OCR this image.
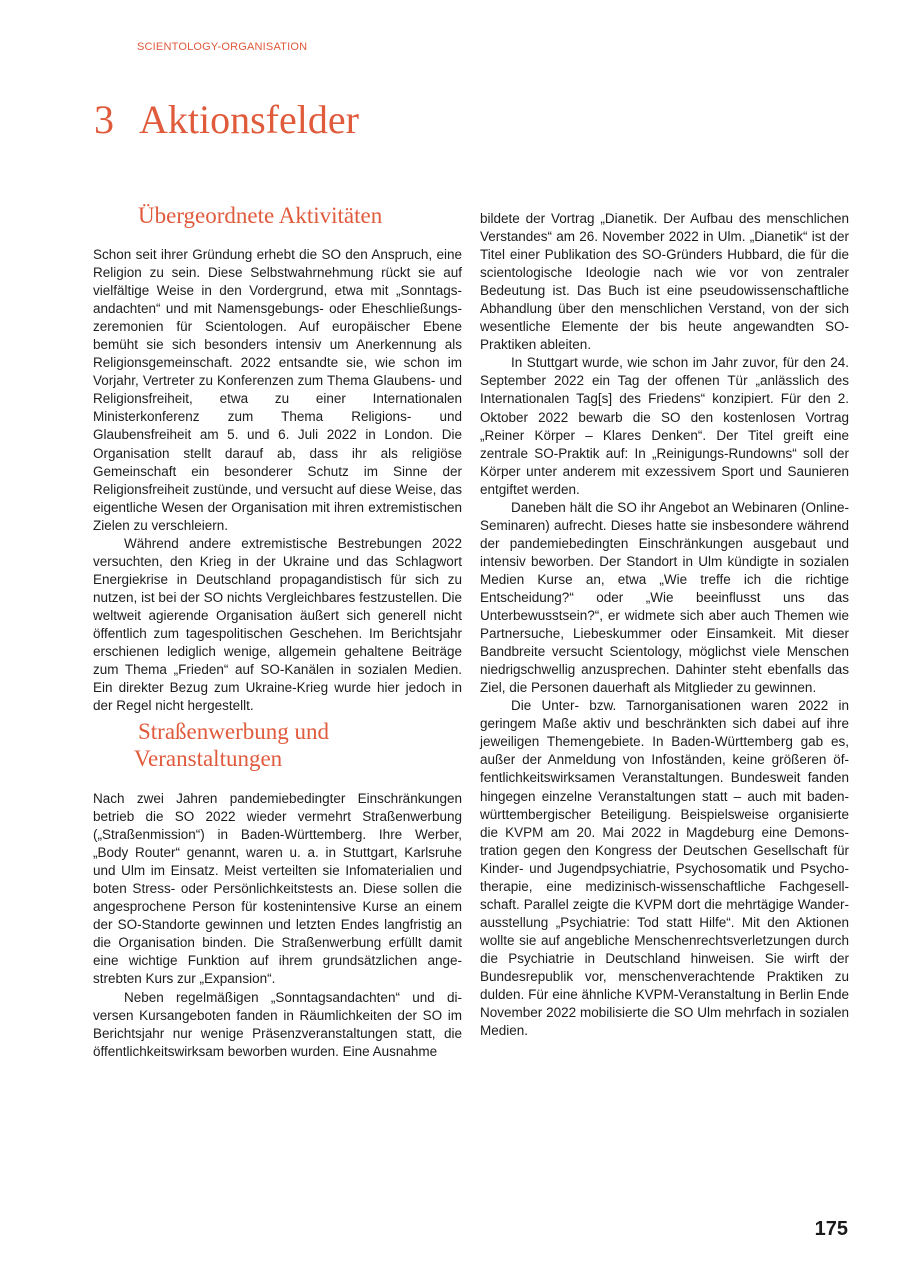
SCIENTOLOGY-ORGANISATION
3 Aktionsfelder
Übergeordnete Aktivitäten

Schon seit ihrer Gründung erhebt die SO den Anspruch, eine Religion zu sein. Diese Selbstwahrnehmung rückt sie auf vielfältige Weise in den Vordergrund, etwa mit „Sonntagsandachten“ und mit Namensgebungs- oder Eheschließungszeremonien für Scientologen. Auf europäischer Ebene bemüht sie sich besonders intensiv um Anerkennung als Religionsgemeinschaft. 2022 entsandte sie, wie schon im Vorjahr, Vertreter zu Konferenzen zum Thema Glaubens- und Religionsfreiheit, etwa zu einer Internationalen Ministerkonferenz zum Thema Religions- und Glaubensfreiheit am 5. und 6. Juli 2022 in London. Die Organisation stellt darauf ab, dass ihr als religiöse Gemeinschaft ein besonderer Schutz im Sinne der Religionsfreiheit zustünde, und versucht auf diese Weise, das eigentliche Wesen der Organisation mit ihren extremistischen Zielen zu verschleiern.

Während andere extremistische Bestrebungen 2022 versuchten, den Krieg in der Ukraine und das Schlagwort Energiekrise in Deutschland propagandistisch für sich zu nutzen, ist bei der SO nichts Vergleichbares festzustellen. Die weltweit agierende Organisation äußert sich generell nicht öffentlich zum tagespolitischen Geschehen. Im Berichtsjahr erschienen lediglich wenige, allgemein gehaltene Beiträge zum Thema „Frieden“ auf SO-Kanälen in sozialen Medien. Ein direkter Bezug zum Ukraine-Krieg wurde hier jedoch in der Regel nicht hergestellt.

Straßenwerbung und
Veranstaltungen

Nach zwei Jahren pandemiebedingter Einschränkungen betrieb die SO 2022 wieder vermehrt Straßenwerbung („Straßenmission“) in Baden-Württemberg. Ihre Werber, „Body Router“ genannt, waren u. a. in Stuttgart, Karlsruhe und Ulm im Einsatz. Meist verteilten sie Infomaterialien und boten Stress- oder Persönlichkeitstests an. Diese sollen die angesprochene Person für kostenintensive Kurse an einem der SO-Standorte gewinnen und letzten Endes langfristig an die Organisation binden. Die Straßenwerbung erfüllt damit eine wichtige Funktion auf ihrem grundsätzlichen angestrebten Kurs zur „Expansion“.

Neben regelmäßigen „Sonntagsandachten“ und diversen Kursangeboten fanden in Räumlichkeiten der SO im Berichtsjahr nur wenige Präsenzveranstaltungen statt, die öffentlichkeitswirksam beworben wurden. Eine Ausnahme

bildete der Vortrag „Dianetik. Der Aufbau des menschlichen Verstandes“ am 26. November 2022 in Ulm. „Dianetik“ ist der Titel einer Publikation des SO-Gründers Hubbard, die für die scientologische Ideologie nach wie vor von zentraler Bedeutung ist. Das Buch ist eine pseudowissenschaftliche Abhandlung über den menschlichen Verstand, von der sich wesentliche Elemente der bis heute angewandten SO-Praktiken ableiten.

In Stuttgart wurde, wie schon im Jahr zuvor, für den 24. September 2022 ein Tag der offenen Tür „anlässlich des Internationalen Tag[s] des Friedens“ konzipiert. Für den 2. Oktober 2022 bewarb die SO den kostenlosen Vortrag „Reiner Körper – Klares Denken“. Der Titel greift eine zentrale SO-Praktik auf: In „Reinigungs-Rundowns“ soll der Körper unter anderem mit exzessivem Sport und Saunieren entgiftet werden.

Daneben hält die SO ihr Angebot an Webinaren (Online-Seminaren) aufrecht. Dieses hatte sie insbesondere während der pandemiebedingten Einschränkungen ausgebaut und intensiv beworben. Der Standort in Ulm kündigte in sozialen Medien Kurse an, etwa „Wie treffe ich die richtige Entscheidung?“ oder „Wie beeinflusst uns das Unterbewusstsein?“, er widmete sich aber auch Themen wie Partnersuche, Liebeskummer oder Einsamkeit. Mit dieser Bandbreite versucht Scientology, möglichst viele Menschen niedrigschwellig anzusprechen. Dahinter steht ebenfalls das Ziel, die Personen dauerhaft als Mitglieder zu gewinnen.

Die Unter- bzw. Tarnorganisationen waren 2022 in geringem Maße aktiv und beschränkten sich dabei auf ihre jeweiligen Themengebiete. In Baden-Württemberg gab es, außer der Anmeldung von Infoständen, keine größeren öffentlichkeitswirksamen Veranstaltungen. Bundesweit fanden hingegen einzelne Veranstaltungen statt – auch mit baden-württembergischer Beteiligung. Beispielsweise organisierte die KVPM am 20. Mai 2022 in Magdeburg eine Demonstration gegen den Kongress der Deutschen Gesellschaft für Kinder- und Jugendpsychiatrie, Psychosomatik und Psychotherapie, eine medizinisch-wissenschaftliche Fachgesellschaft. Parallel zeigte die KVPM dort die mehrtägige Wanderausstellung „Psychiatrie: Tod statt Hilfe“. Mit den Aktionen wollte sie auf angebliche Menschenrechtsverletzungen durch die Psychiatrie in Deutschland hinweisen. Sie wirft der Bundesrepublik vor, menschenverachtende Praktiken zu dulden. Für eine ähnliche KVPM-Veranstaltung in Berlin Ende November 2022 mobilisierte die SO Ulm mehrfach in sozialen Medien.

175
